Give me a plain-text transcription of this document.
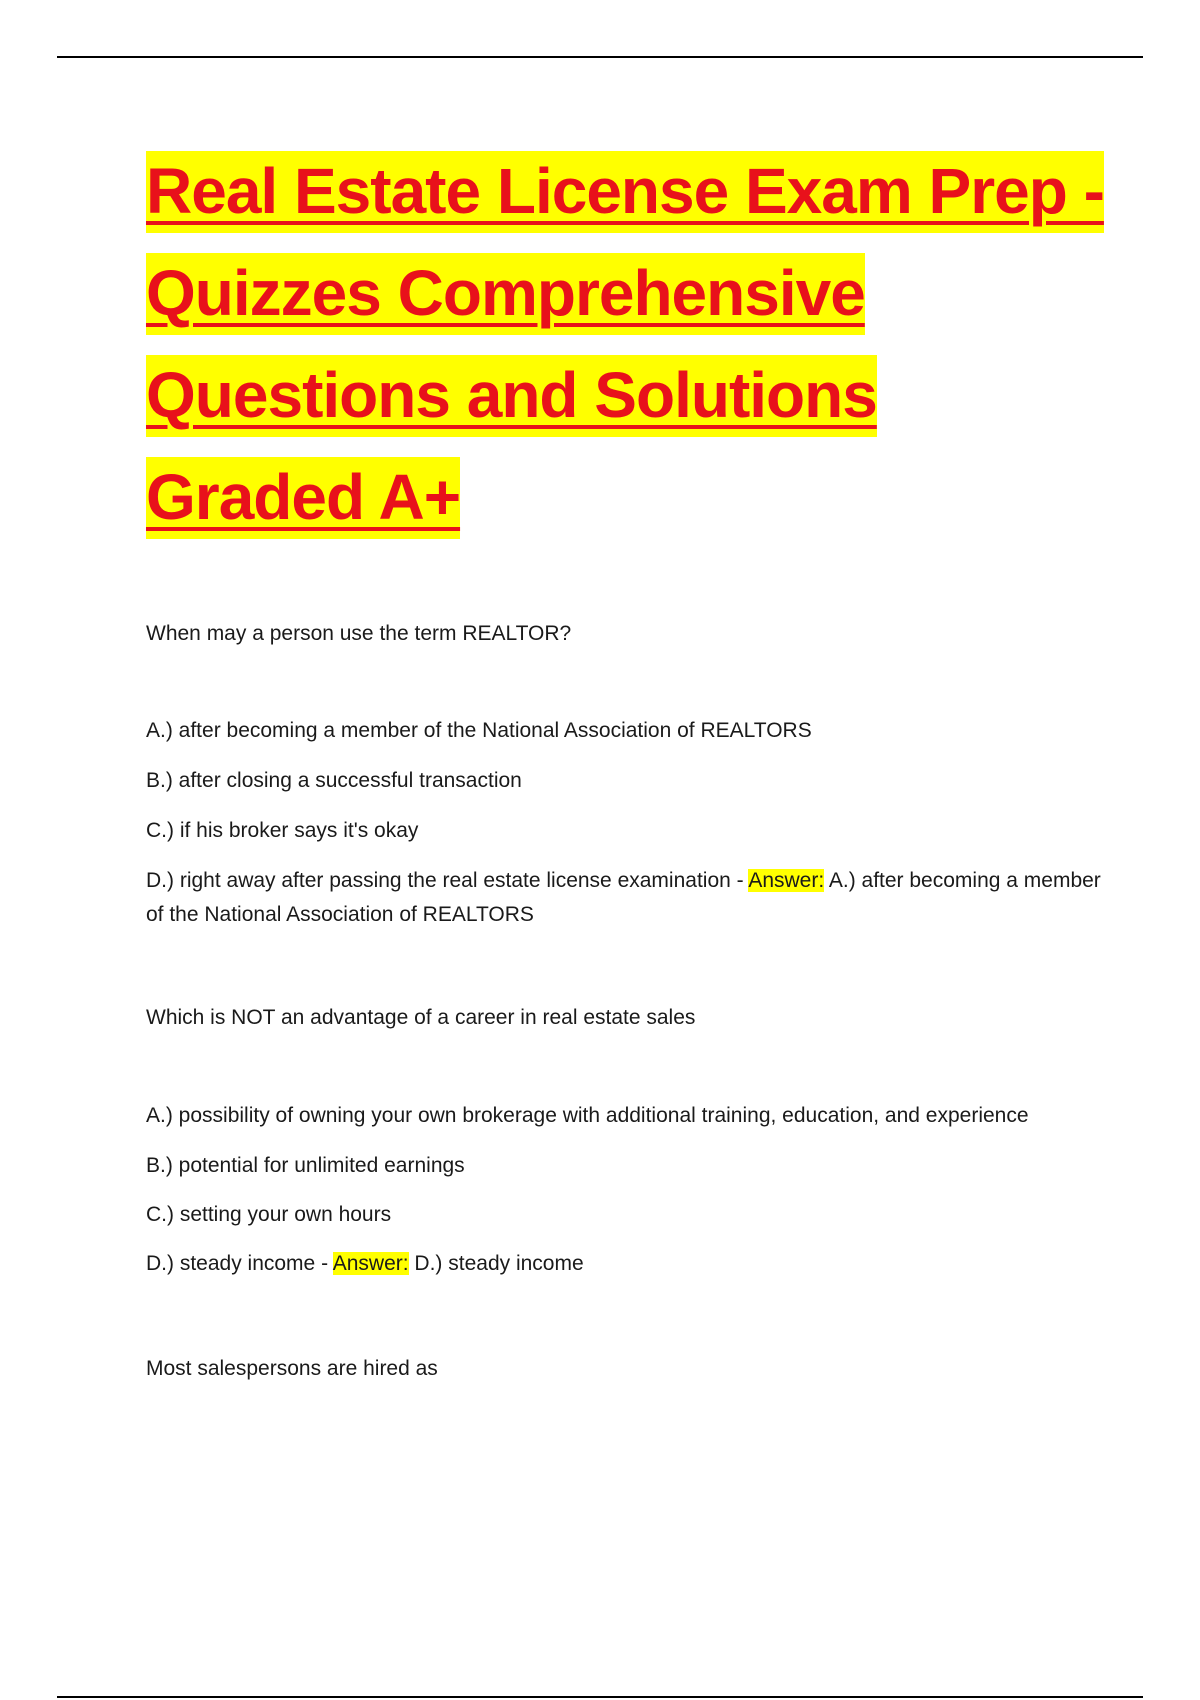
Real Estate License Exam Prep -
Quizzes Comprehensive
Questions and Solutions
Graded A+

When may a person use the term REALTOR?

A.) after becoming a member of the National Association of REALTORS

B.) after closing a successful transaction

C.) if his broker says it's okay

D.) right away after passing the real estate license examination - Answer: A.) after becoming a member of the National Association of REALTORS

Which is NOT an advantage of a career in real estate sales

A.) possibility of owning your own brokerage with additional training, education, and experience

B.) potential for unlimited earnings

C.) setting your own hours

D.) steady income - Answer: D.) steady income

Most salespersons are hired as
